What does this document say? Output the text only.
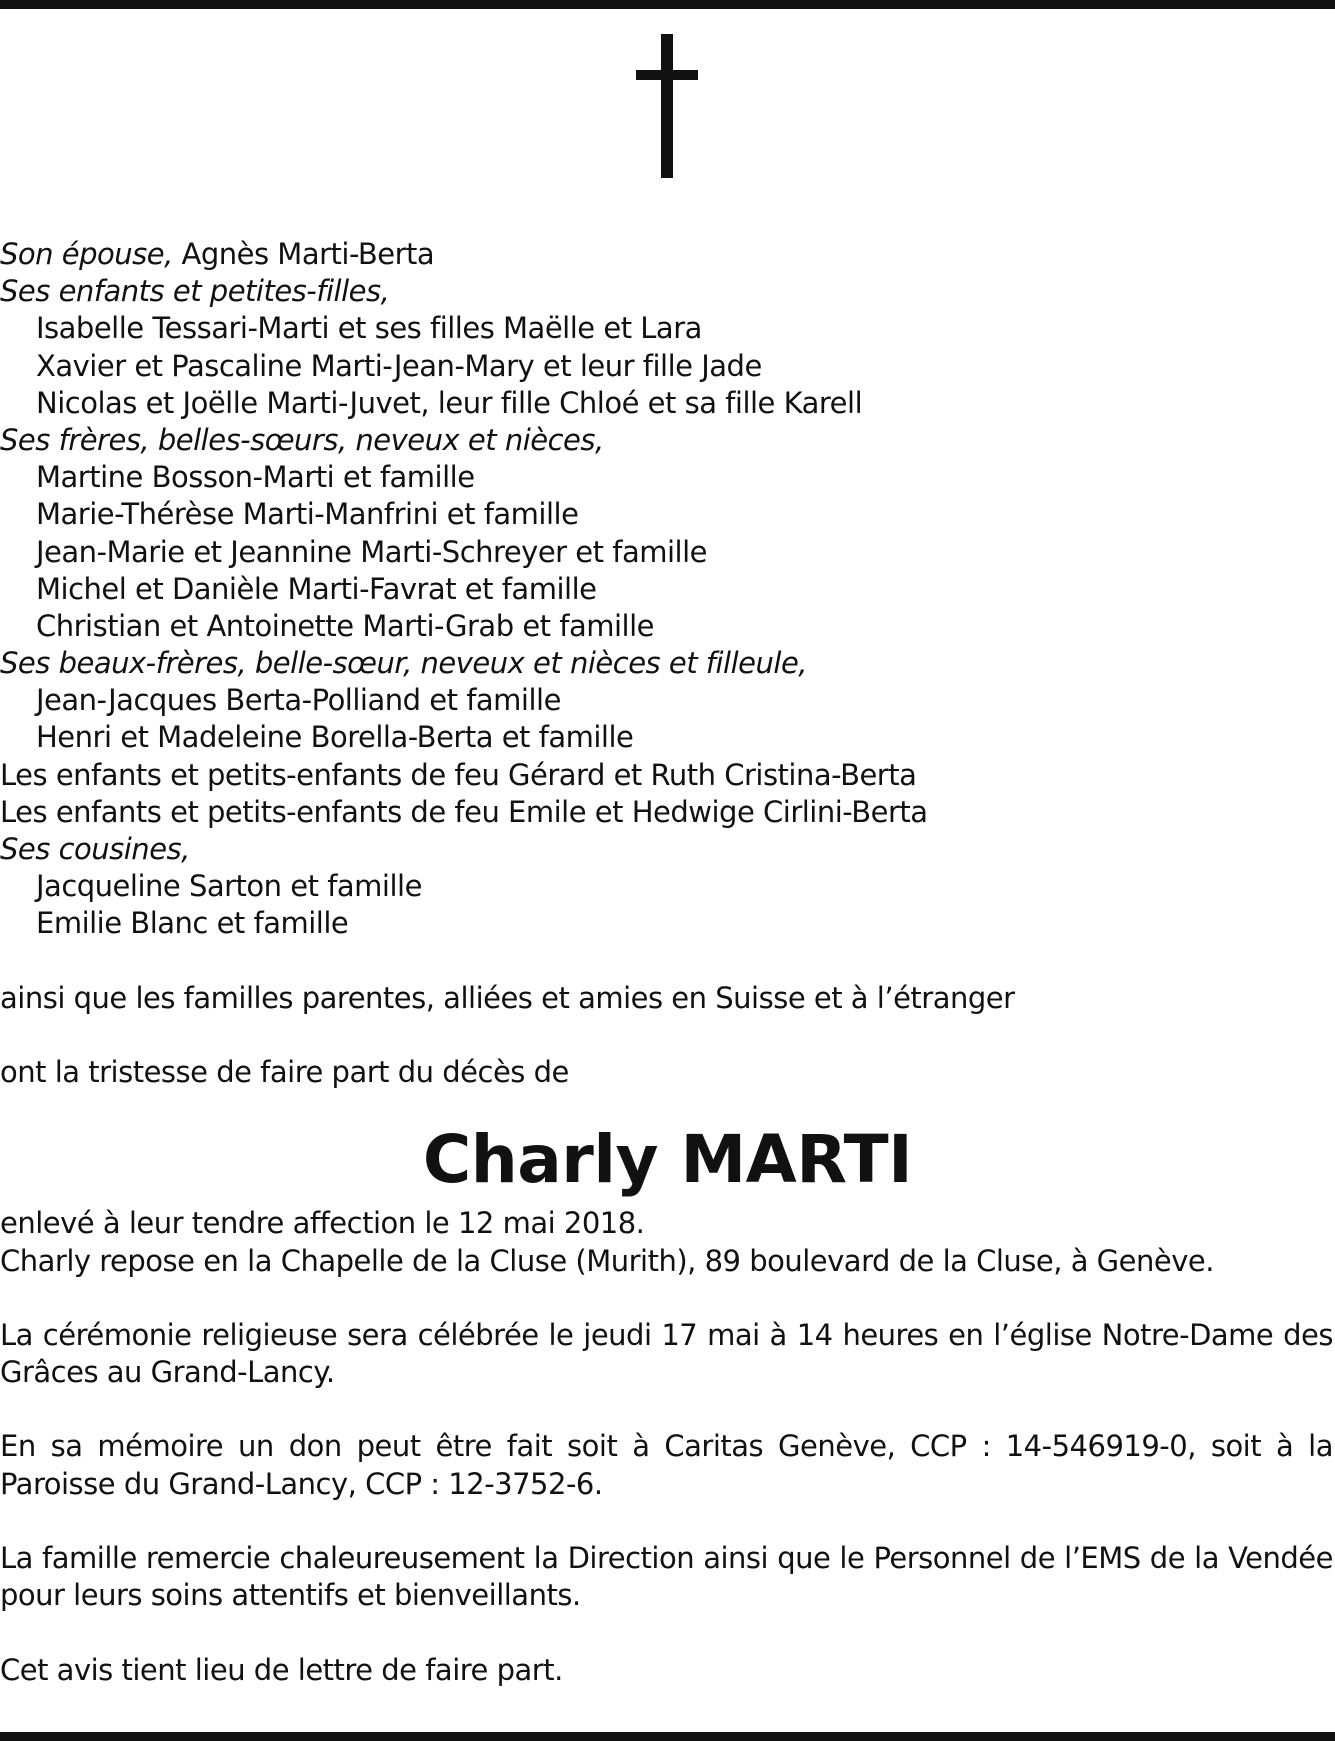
Son épouse, Agnès Marti-Berta
Ses enfants et petites-filles,
Isabelle Tessari-Marti et ses filles Maëlle et Lara
Xavier et Pascaline Marti-Jean-Mary et leur fille Jade
Nicolas et Joëlle Marti-Juvet, leur fille Chloé et sa fille Karell
Ses frères, belles-sœurs, neveux et nièces,
Martine Bosson-Marti et famille
Marie-Thérèse Marti-Manfrini et famille
Jean-Marie et Jeannine Marti-Schreyer et famille
Michel et Danièle Marti-Favrat et famille
Christian et Antoinette Marti-Grab et famille
Ses beaux-frères, belle-sœur, neveux et nièces et filleule,
Jean-Jacques Berta-Polliand et famille
Henri et Madeleine Borella-Berta et famille
Les enfants et petits-enfants de feu Gérard et Ruth Cristina-Berta
Les enfants et petits-enfants de feu Emile et Hedwige Cirlini-Berta
Ses cousines,
Jacqueline Sarton et famille
Emilie Blanc et famille
ainsi que les familles parentes, alliées et amies en Suisse et à l’étranger
ont la tristesse de faire part du décès de
Charly MARTI
enlevé à leur tendre affection le 12 mai 2018.
Charly repose en la Chapelle de la Cluse (Murith), 89 boulevard de la Cluse, à Genève.
La cérémonie religieuse sera célébrée le jeudi 17 mai à 14 heures en l’église Notre-Dame des Grâces au Grand-Lancy.
En sa mémoire un don peut être fait soit à Caritas Genève, CCP : 14-546919-0, soit à la Paroisse du Grand-Lancy, CCP : 12-3752-6.
La famille remercie chaleureusement la Direction ainsi que le Personnel de l’EMS de la Vendée pour leurs soins attentifs et bienveillants.
Cet avis tient lieu de lettre de faire part.
